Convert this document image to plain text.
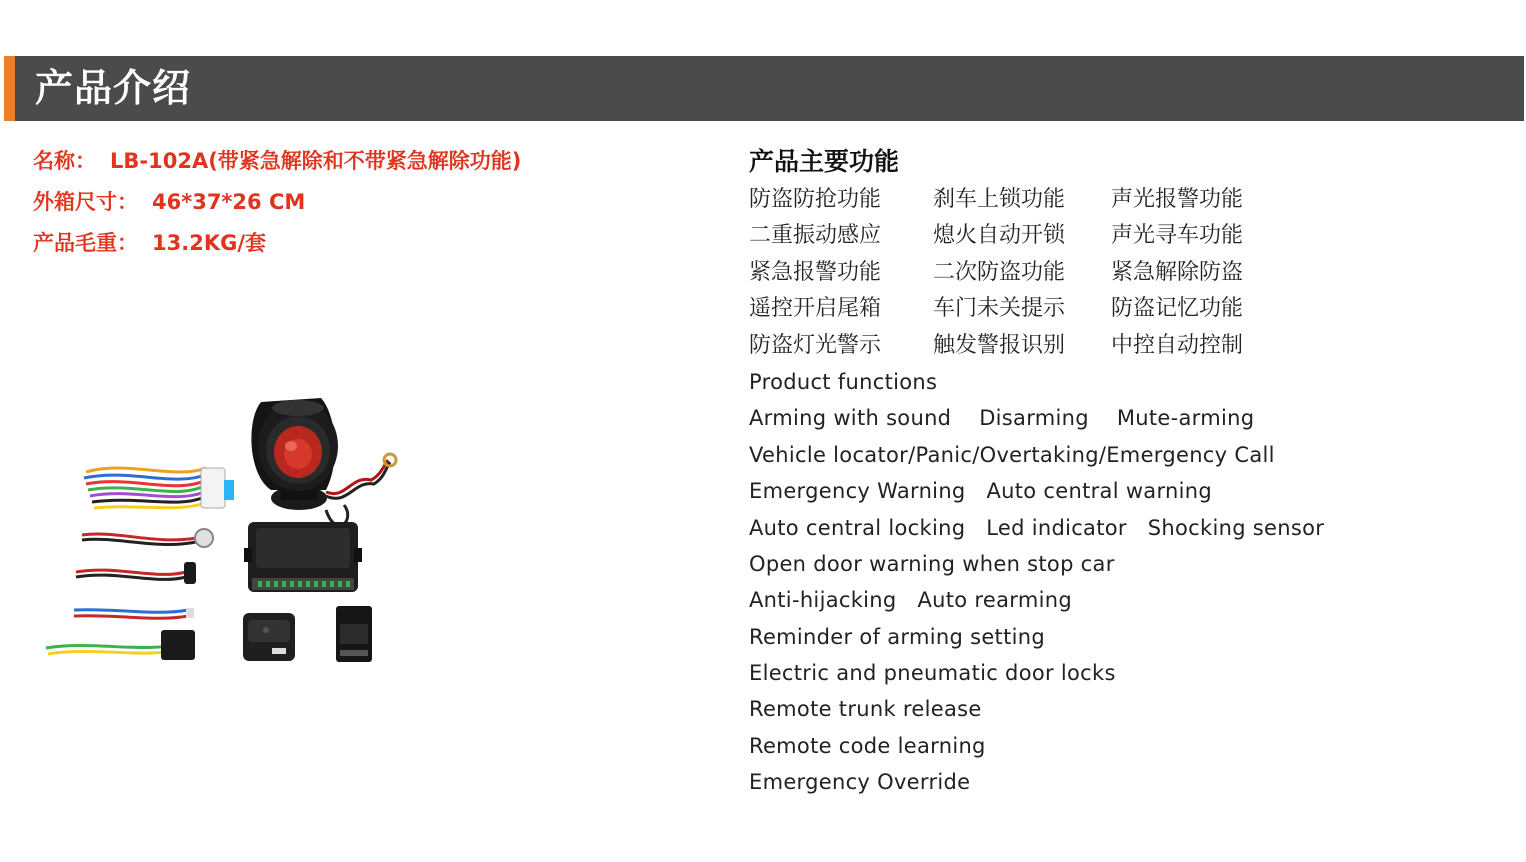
产品介绍
名称： LB-102A(带紧急解除和不带紧急解除功能)
外箱尺寸： 46*37*26 CM
产品毛重： 13.2KG/套
产品主要功能
防盗防抢功能 刹车上锁功能 声光报警功能
二重振动感应 熄火自动开锁 声光寻车功能
紧急报警功能 二次防盗功能 紧急解除防盗
遥控开启尾箱 车门未关提示 防盗记忆功能
防盗灯光警示 触发警报识别 中控自动控制
Product functions
Arming with sound    Disarming    Mute-arming
Vehicle locator/Panic/Overtaking/Emergency Call
Emergency Warning   Auto central warning
Auto central locking   Led indicator   Shocking sensor
Open door warning when stop car
Anti-hijacking   Auto rearming
Reminder of arming setting
Electric and pneumatic door locks
Remote trunk release
Remote code learning
Emergency Override
